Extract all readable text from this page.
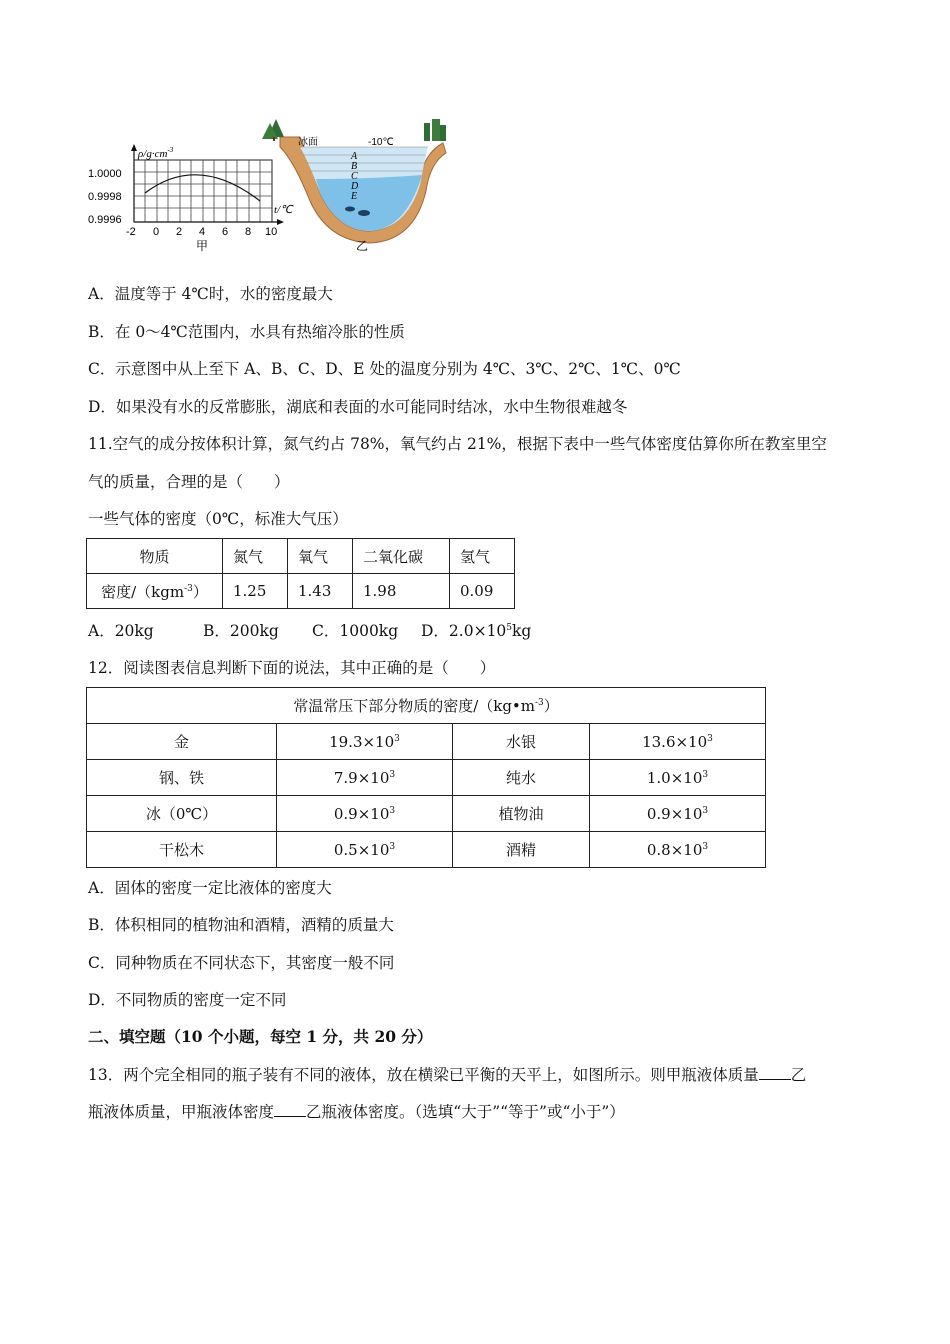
$\rho/g\cdot cm^{-3}$
t/℃
1.0000
0.9998
0.9996
-2 0 2 4 6 8 10
甲
冰面	-10℃
A
B
C
D
E
乙
A．温度等于 4℃时，水的密度最大
B．在 0～4℃范围内，水具有热缩冷胀的性质
C．示意图中从上至下 A、B、C、D、E 处的温度分别为 4℃、3℃、2℃、1℃、0℃
D．如果没有水的反常膨胀，湖底和表面的水可能同时结冰，水中生物很难越冬
11.空气的成分按体积计算，氮气约占 78%，氧气约占 21%，根据下表中一些气体密度估算你所在教室里空
气的质量，合理的是（　　）
一些气体的密度（0℃，标准大气压）
物质	氮气	氧气	二氧化碳	氢气
密度/（kgm$^{-3}$）	1.25	1.43	1.98	0.09
A．20kg	B．200kg C．1000kg D．$2.0\times 10^5kg$
12．阅读图表信息判断下面的说法，其中正确的是（　　）
常温常压下部分物质的密度$/(kg•m^{-3})$			
金	$19.3\times 10^3$	水银	$13.6\times 10^3$
钢、铁	$7.9\times 10^3$	纯水	$1.0\times 10^3$
冰（0℃）	$0.9\times 10^3$	植物油	$0.9\times 10^3$
干松木	$0.5\times 10^3$	酒精	$0.8\times 10^3$
A．固体的密度一定比液体的密度大
B．体积相同的植物油和酒精，酒精的质量大
C．同种物质在不同状态下，其密度一般不同
D．不同物质的密度一定不同
二、填空题（10 个小题，每空 1 分，共 20 分）
13．两个完全相同的瓶子装有不同的液体，放在横梁已平衡的天平上，如图所示。则甲瓶液体质量 乙
瓶液体质量，甲瓶液体密度 乙瓶液体密度。（选填“大于”“等于”或“小于”）
